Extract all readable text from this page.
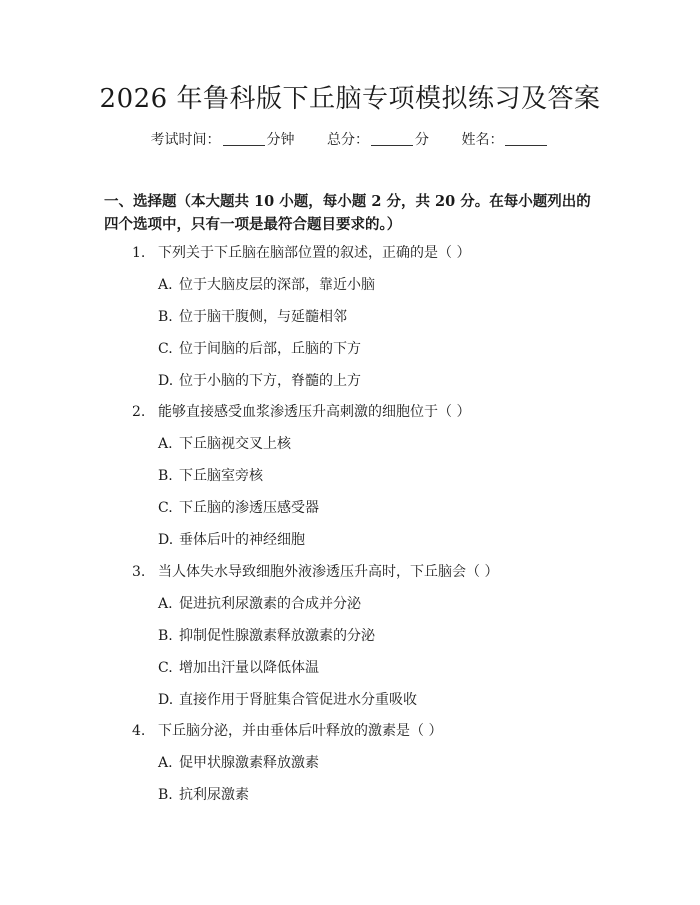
2026 年鲁科版下丘脑专项模拟练习及答案
考试时间：	分钟 总分：	分 姓名：
一、选择题（本大题共 10 小题，每小题 2 分，共 20 分。在每小题列出的四个选项中，只有一项是最符合题目要求的。）
1. 下列关于下丘脑在脑部位置的叙述，正确的是（ ）
A. 位于大脑皮层的深部，靠近小脑
B. 位于脑干腹侧，与延髓相邻
C. 位于间脑的后部，丘脑的下方
D. 位于小脑的下方，脊髓的上方
2. 能够直接感受血浆渗透压升高刺激的细胞位于（ ）
A. 下丘脑视交叉上核
B. 下丘脑室旁核
C. 下丘脑的渗透压感受器
D. 垂体后叶的神经细胞
3. 当人体失水导致细胞外液渗透压升高时，下丘脑会（ ）
A. 促进抗利尿激素的合成并分泌
B. 抑制促性腺激素释放激素的分泌
C. 增加出汗量以降低体温
D. 直接作用于肾脏集合管促进水分重吸收
4. 下丘脑分泌，并由垂体后叶释放的激素是（ ）
A. 促甲状腺激素释放激素
B. 抗利尿激素
